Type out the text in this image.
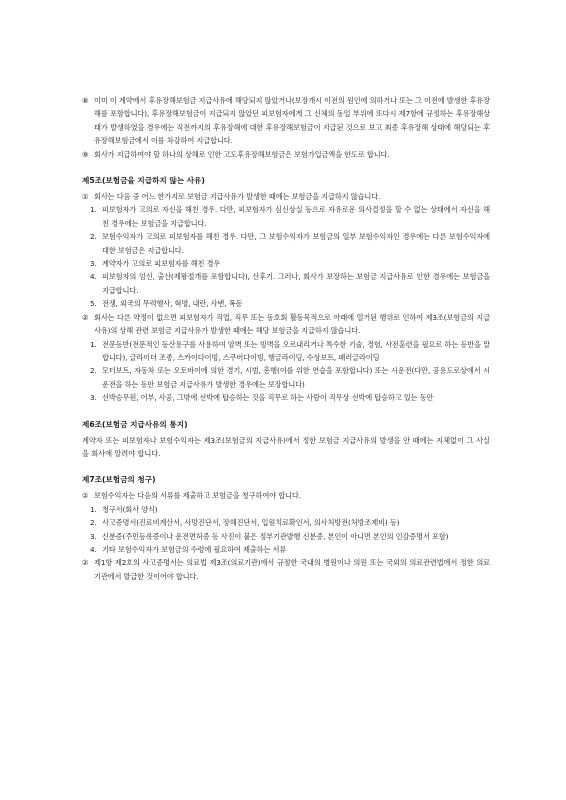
⑧ 이미 이 계약에서 후유장해보험금 지급사유에 해당되지 않았거나(보장개시 이전의 원인에 의하거나 또는 그 이전에 발생한 후유장해를 포함합니다), 후유장해보험금이 지급되지 않았던 피보험자에게 그 신체의 동일 부위에 또다시 제7항에 규정하는 후유장해상태가 발생하였을 경우에는 직전까지의 후유장해에 대한 후유장해보험금이 지급된 것으로 보고 최종 후유장해 상태에 해당되는 후유장해보험금에서 이를 차감하여 지급합니다.
⑨ 회사가 지급하여야 할 하나의 상해로 인한 고도후유장해보험금은 보험가입금액을 한도로 합니다.
제5조(보험금을 지급하지 않는 사유)
① 회사는 다음 중 어느 한가지로 보험금 지급사유가 발생한 때에는 보험금을 지급하지 않습니다.
1. 피보험자가 고의로 자신을 해친 경우. 다만, 피보험자가 심신상실 등으로 자유로운 의사결정을 할 수 없는 상태에서 자신을 해친 경우에는 보험금을 지급합니다.
2. 보험수익자가 고의로 피보험자를 해친 경우. 다만, 그 보험수익자가 보험금의 일부 보험수익자인 경우에는 다른 보험수익자에 대한 보험금은 지급합니다.
3. 계약자가 고의로 피보험자를 해친 경우
4. 피보험자의 임신, 출산(제왕절개를 포함합니다), 산후기. 그러나, 회사가 보장하는 보험금 지급사유로 인한 경우에는 보험금을 지급합니다.
5. 전쟁, 외국의 무력행사, 혁명, 내란, 사변, 폭동
② 회사는 다른 약정이 없으면 피보험자가 직업, 직무 또는 동호회 활동목적으로 아래에 열거된 행위로 인하여 제3조(보험금의 지급사유)의 상해 관련 보험금 지급사유가 발생한 때에는 해당 보험금을 지급하지 않습니다.
1. 전문등반(전문적인 등산용구를 사용하여 암벽 또는 빙벽을 오르내리거나 특수한 기술, 경험, 사전훈련을 필요로 하는 등반을 말합니다), 글라이더 조종, 스카이다이빙, 스쿠버다이빙, 행글라이딩, 수상보트, 패러글라이딩
2. 모터보트, 자동차 또는 오토바이에 의한 경기, 시범, 흥행(이를 위한 연습을 포함합니다) 또는 시운전(다만, 공용도로상에서 시운전을 하는 동안 보험금 지급사유가 발생한 경우에는 보장합니다)
3. 선박승무원, 어부, 사공, 그밖에 선박에 탑승하는 것을 직무로 하는 사람이 직무상 선박에 탑승하고 있는 동안
제6조(보험금 지급사유의 통지)
계약자 또는 피보험자나 보험수익자는 제3조(보험금의 지급사유)에서 정한 보험금 지급사유의 발생을 안 때에는 지체없이 그 사실을 회사에 알려야 합니다.
제7조(보험금의 청구)
① 보험수익자는 다음의 서류를 제출하고 보험금을 청구하여야 합니다.
1. 청구서(회사 양식)
2. 사고증명서(진료비계산서, 사망진단서, 장해진단서, 입원치료확인서, 의사처방전(처방조제비) 등)
3. 신분증(주민등록증이나 운전면허증 등 사진이 붙은 정부기관발행 신분증, 본인이 아니면 본인의 인감증명서 포함)
4. 기타 보험수익자가 보험금의 수령에 필요하여 제출하는 서류
② 제1항 제2호의 사고증명서는 의료법 제3조(의료기관)에서 규정한 국내의 병원이나 의원 또는 국외의 의료관련법에서 정한 의료기관에서 발급한 것이어야 합니다.
